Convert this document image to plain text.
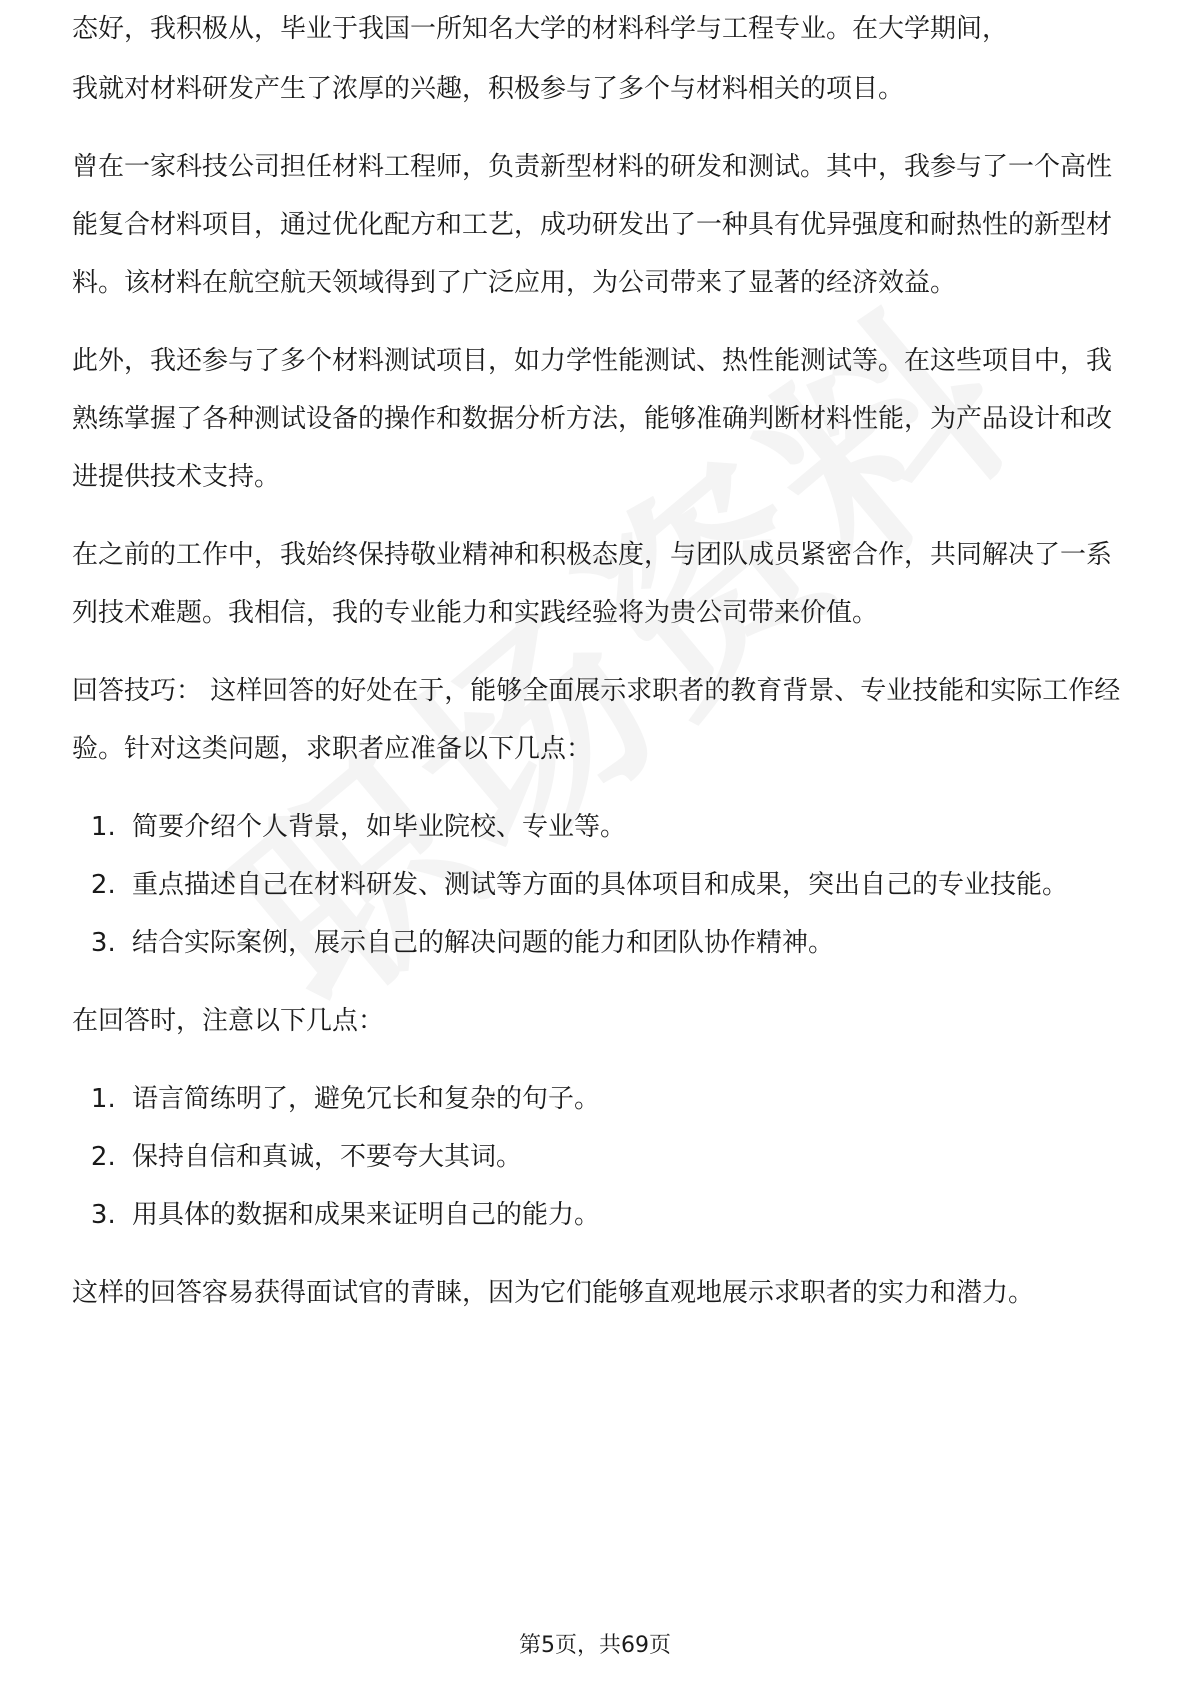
态好，我积极从，毕业于我国一所知名大学的材料科学与工程专业。在大学期间，

我就对材料研发产生了浓厚的兴趣，积极参与了多个与材料相关的项目。

曾在一家科技公司担任材料工程师，负责新型材料的研发和测试。其中，我参与了一个高性能复合材料项目，通过优化配方和工艺，成功研发出了一种具有优异强度和耐热性的新型材料。该材料在航空航天领域得到了广泛应用，为公司带来了显著的经济效益。

此外，我还参与了多个材料测试项目，如力学性能测试、热性能测试等。在这些项目中，我熟练掌握了各种测试设备的操作和数据分析方法，能够准确判断材料性能，为产品设计和改进提供技术支持。

在之前的工作中，我始终保持敬业精神和积极态度，与团队成员紧密合作，共同解决了一系列技术难题。我相信，我的专业能力和实践经验将为贵公司带来价值。

回答技巧： 这样回答的好处在于，能够全面展示求职者的教育背景、专业技能和实际工作经验。针对这类问题，求职者应准备以下几点：

1. 简要介绍个人背景，如毕业院校、专业等。
2. 重点描述自己在材料研发、测试等方面的具体项目和成果，突出自己的专业技能。
3. 结合实际案例，展示自己的解决问题的能力和团队协作精神。

在回答时，注意以下几点：

1. 语言简练明了，避免冗长和复杂的句子。
2. 保持自信和真诚，不要夸大其词。
3. 用具体的数据和成果来证明自己的能力。

这样的回答容易获得面试官的青睐，因为它们能够直观地展示求职者的实力和潜力。

第5页，共69页
